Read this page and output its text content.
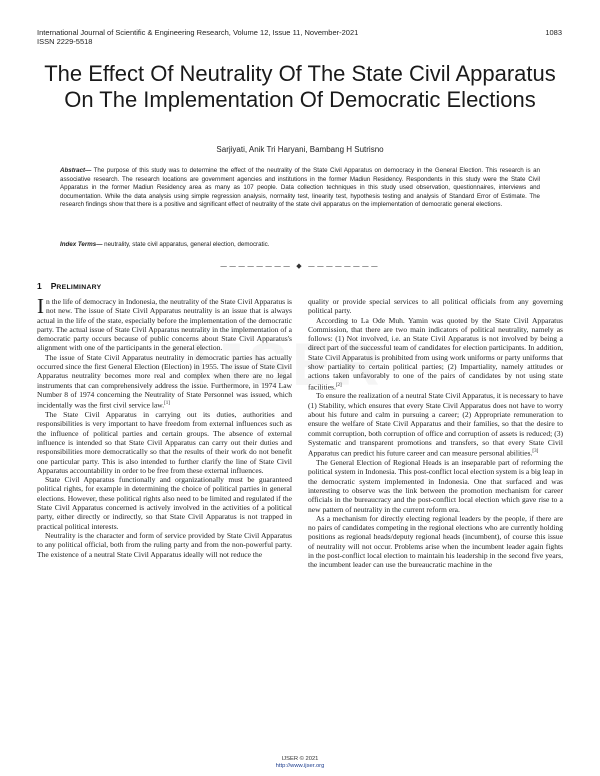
International Journal of Scientific & Engineering Research, Volume 12, Issue 11, November-2021
ISSN 2229-5518
1083
The Effect Of Neutrality Of The State Civil Apparatus On The Implementation Of Democratic Elections
Sarjiyati, Anik Tri Haryani, Bambang H Sutrisno
Abstract— The purpose of this study was to determine the effect of the neutrality of the State Civil Apparatus on democracy in the General Election. This research is an associative research. The research locations are government agencies and institutions in the former Madiun Residency. Respondents in this study were the State Civil Apparatus in the former Madiun Residency area as many as 107 people. Data collection techniques in this study used observation, questionnaires, interviews and documentation. While the data analysis using simple regression analysis, normality test, linearity test, hypothesis testing and analysis of Standard Error of Estimate. The research findings show that there is a positive and significant effect of neutrality of the state civil apparatus on the implementation of democratic general elections.
Index Terms— neutrality, state civil apparatus, general election, democratic.
———————— ◆ ————————
1 PRELIMINARY

In the life of democracy in Indonesia, the neutrality of the State Civil Apparatus is not new. The issue of State Civil Apparatus neutrality is an issue that is always actual in the life of the state, especially before the implementation of the democratic party. The actual issue of State Civil Apparatus neutrality in the implementation of a democratic party occurs because of public concerns about State Civil Apparatus's alignment with one of the participants in the general election.

The issue of State Civil Apparatus neutrality in democratic parties has actually occurred since the first General Election (Election) in 1955. The issue of State Civil Apparatus neutrality becomes more real and complex when there are no legal instruments that can comprehensively address the issue. Furthermore, in 1974 Law Number 8 of 1974 concerning the Neutrality of State Personnel was issued, which incidentally was the first civil service law.[1]

The State Civil Apparatus in carrying out its duties, authorities and responsibilities is very important to have freedom from external influences such as the influence of political parties and certain groups. The absence of external influence is intended so that State Civil Apparatus can carry out their duties and responsibilities more democratically so that the results of their work do not benefit one particular party. This is also intended to further clarify the line of State Civil Apparatus accountability in order to be free from these external influences.

State Civil Apparatus functionally and organizationally must be guaranteed political rights, for example in determining the choice of political parties in general elections. However, these political rights also need to be limited and regulated if the State Civil Apparatus concerned is actively involved in the activities of a political party, either directly or indirectly, so that State Civil Apparatus is not trapped in practical political interests.

Neutrality is the character and form of service provided by State Civil Apparatus to any political official, both from the ruling party and from the non-powerful party. The existence of a neutral State Civil Apparatus ideally will not reduce the

quality or provide special services to all political officials from any governing political party.

According to La Ode Muh. Yamin was quoted by the State Civil Apparatus Commission, that there are two main indicators of political neutrality, namely as follows: (1) Not involved, i.e. an State Civil Apparatus is not involved by being a direct part of the successful team of candidates for election participants. In addition, State Civil Apparatus is prohibited from using work uniforms or party uniforms that show partiality to certain political parties; (2) Impartiality, namely attitudes or actions taken unfavorably to one of the pairs of candidates by not using state facilities.[2]

To ensure the realization of a neutral State Civil Apparatus, it is necessary to have (1) Stability, which ensures that every State Civil Apparatus does not have to worry about his future and calm in pursuing a career; (2) Appropriate remuneration to ensure the welfare of State Civil Apparatus and their families, so that the desire to commit corruption, both corruption of office and corruption of assets is reduced; (3) Systematic and transparent promotions and transfers, so that every State Civil Apparatus can predict his future career and can measure personal abilities.[3]

The General Election of Regional Heads is an inseparable part of reforming the political system in Indonesia. This post-conflict local election system is a big leap in the democratic system implemented in Indonesia. One that surfaced and was interesting to observe was the link between the promotion mechanism for career officials in the bureaucracy and the post-conflict local election which gave rise to a new pattern of neutrality in the current reform era.

As a mechanism for directly electing regional leaders by the people, if there are no pairs of candidates competing in the regional elections who are currently holding positions as regional heads/deputy regional heads (incumbent), of course this issue of neutrality will not occur. Problems arise when the incumbent leader again fights in the post-conflict local election to maintain his leadership in the second five years, the incumbent leader can use the bureaucratic machine in the

IJSER © 2021
http://www.ijser.org
